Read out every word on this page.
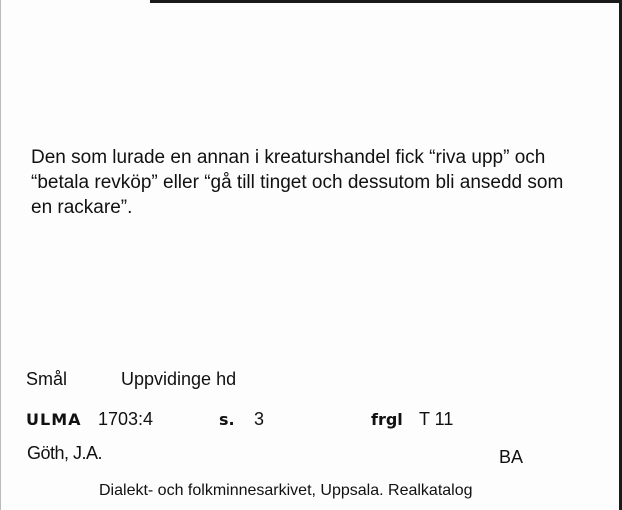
Den som lurade en annan i kreaturshandel fick “riva upp” och
“betala revköp” eller “gå till tinget och dessutom bli ansedd som
en rackare”.
Smål	Uppvidinge hd
ULMA 1703:4	s. 3	frgl T 11
Göth, J.A.	BA
Dialekt- och folkminnesarkivet, Uppsala. Realkatalog
